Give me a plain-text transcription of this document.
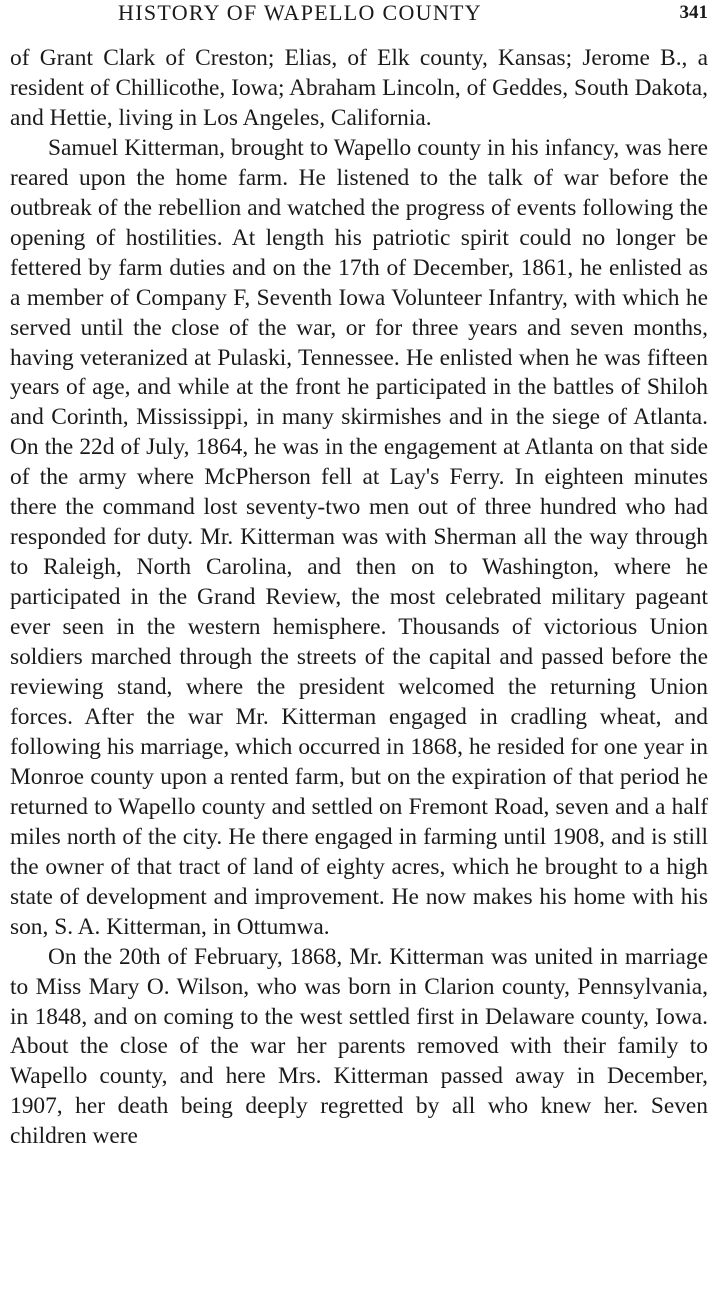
HISTORY OF WAPELLO COUNTY	341

of Grant Clark of Creston; Elias, of Elk county, Kansas; Jerome B., a resident of Chillicothe, Iowa; Abraham Lincoln, of Geddes, South Dakota, and Hettie, living in Los Angeles, California.

Samuel Kitterman, brought to Wapello county in his infancy, was here reared upon the home farm. He listened to the talk of war before the outbreak of the rebellion and watched the progress of events following the opening of hostilities. At length his patriotic spirit could no longer be fettered by farm duties and on the 17th of December, 1861, he enlisted as a member of Company F, Seventh Iowa Volunteer Infantry, with which he served until the close of the war, or for three years and seven months, having veteranized at Pulaski, Tennessee. He enlisted when he was fifteen years of age, and while at the front he participated in the battles of Shiloh and Corinth, Mississippi, in many skirmishes and in the siege of Atlanta. On the 22d of July, 1864, he was in the engagement at Atlanta on that side of the army where McPherson fell at Lay's Ferry. In eighteen minutes there the command lost seventy-two men out of three hundred who had responded for duty. Mr. Kitterman was with Sherman all the way through to Raleigh, North Carolina, and then on to Washington, where he participated in the Grand Review, the most celebrated military pageant ever seen in the western hemisphere. Thousands of victorious Union soldiers marched through the streets of the capital and passed before the reviewing stand, where the president welcomed the returning Union forces. After the war Mr. Kitterman engaged in cradling wheat, and following his marriage, which occurred in 1868, he resided for one year in Monroe county upon a rented farm, but on the expiration of that period he returned to Wapello county and settled on Fremont Road, seven and a half miles north of the city. He there engaged in farming until 1908, and is still the owner of that tract of land of eighty acres, which he brought to a high state of development and improvement. He now makes his home with his son, S. A. Kitterman, in Ottumwa.

On the 20th of February, 1868, Mr. Kitterman was united in marriage to Miss Mary O. Wilson, who was born in Clarion county, Pennsylvania, in 1848, and on coming to the west settled first in Delaware county, Iowa. About the close of the war her parents removed with their family to Wapello county, and here Mrs. Kitterman passed away in December, 1907, her death being deeply regretted by all who knew her. Seven children were
